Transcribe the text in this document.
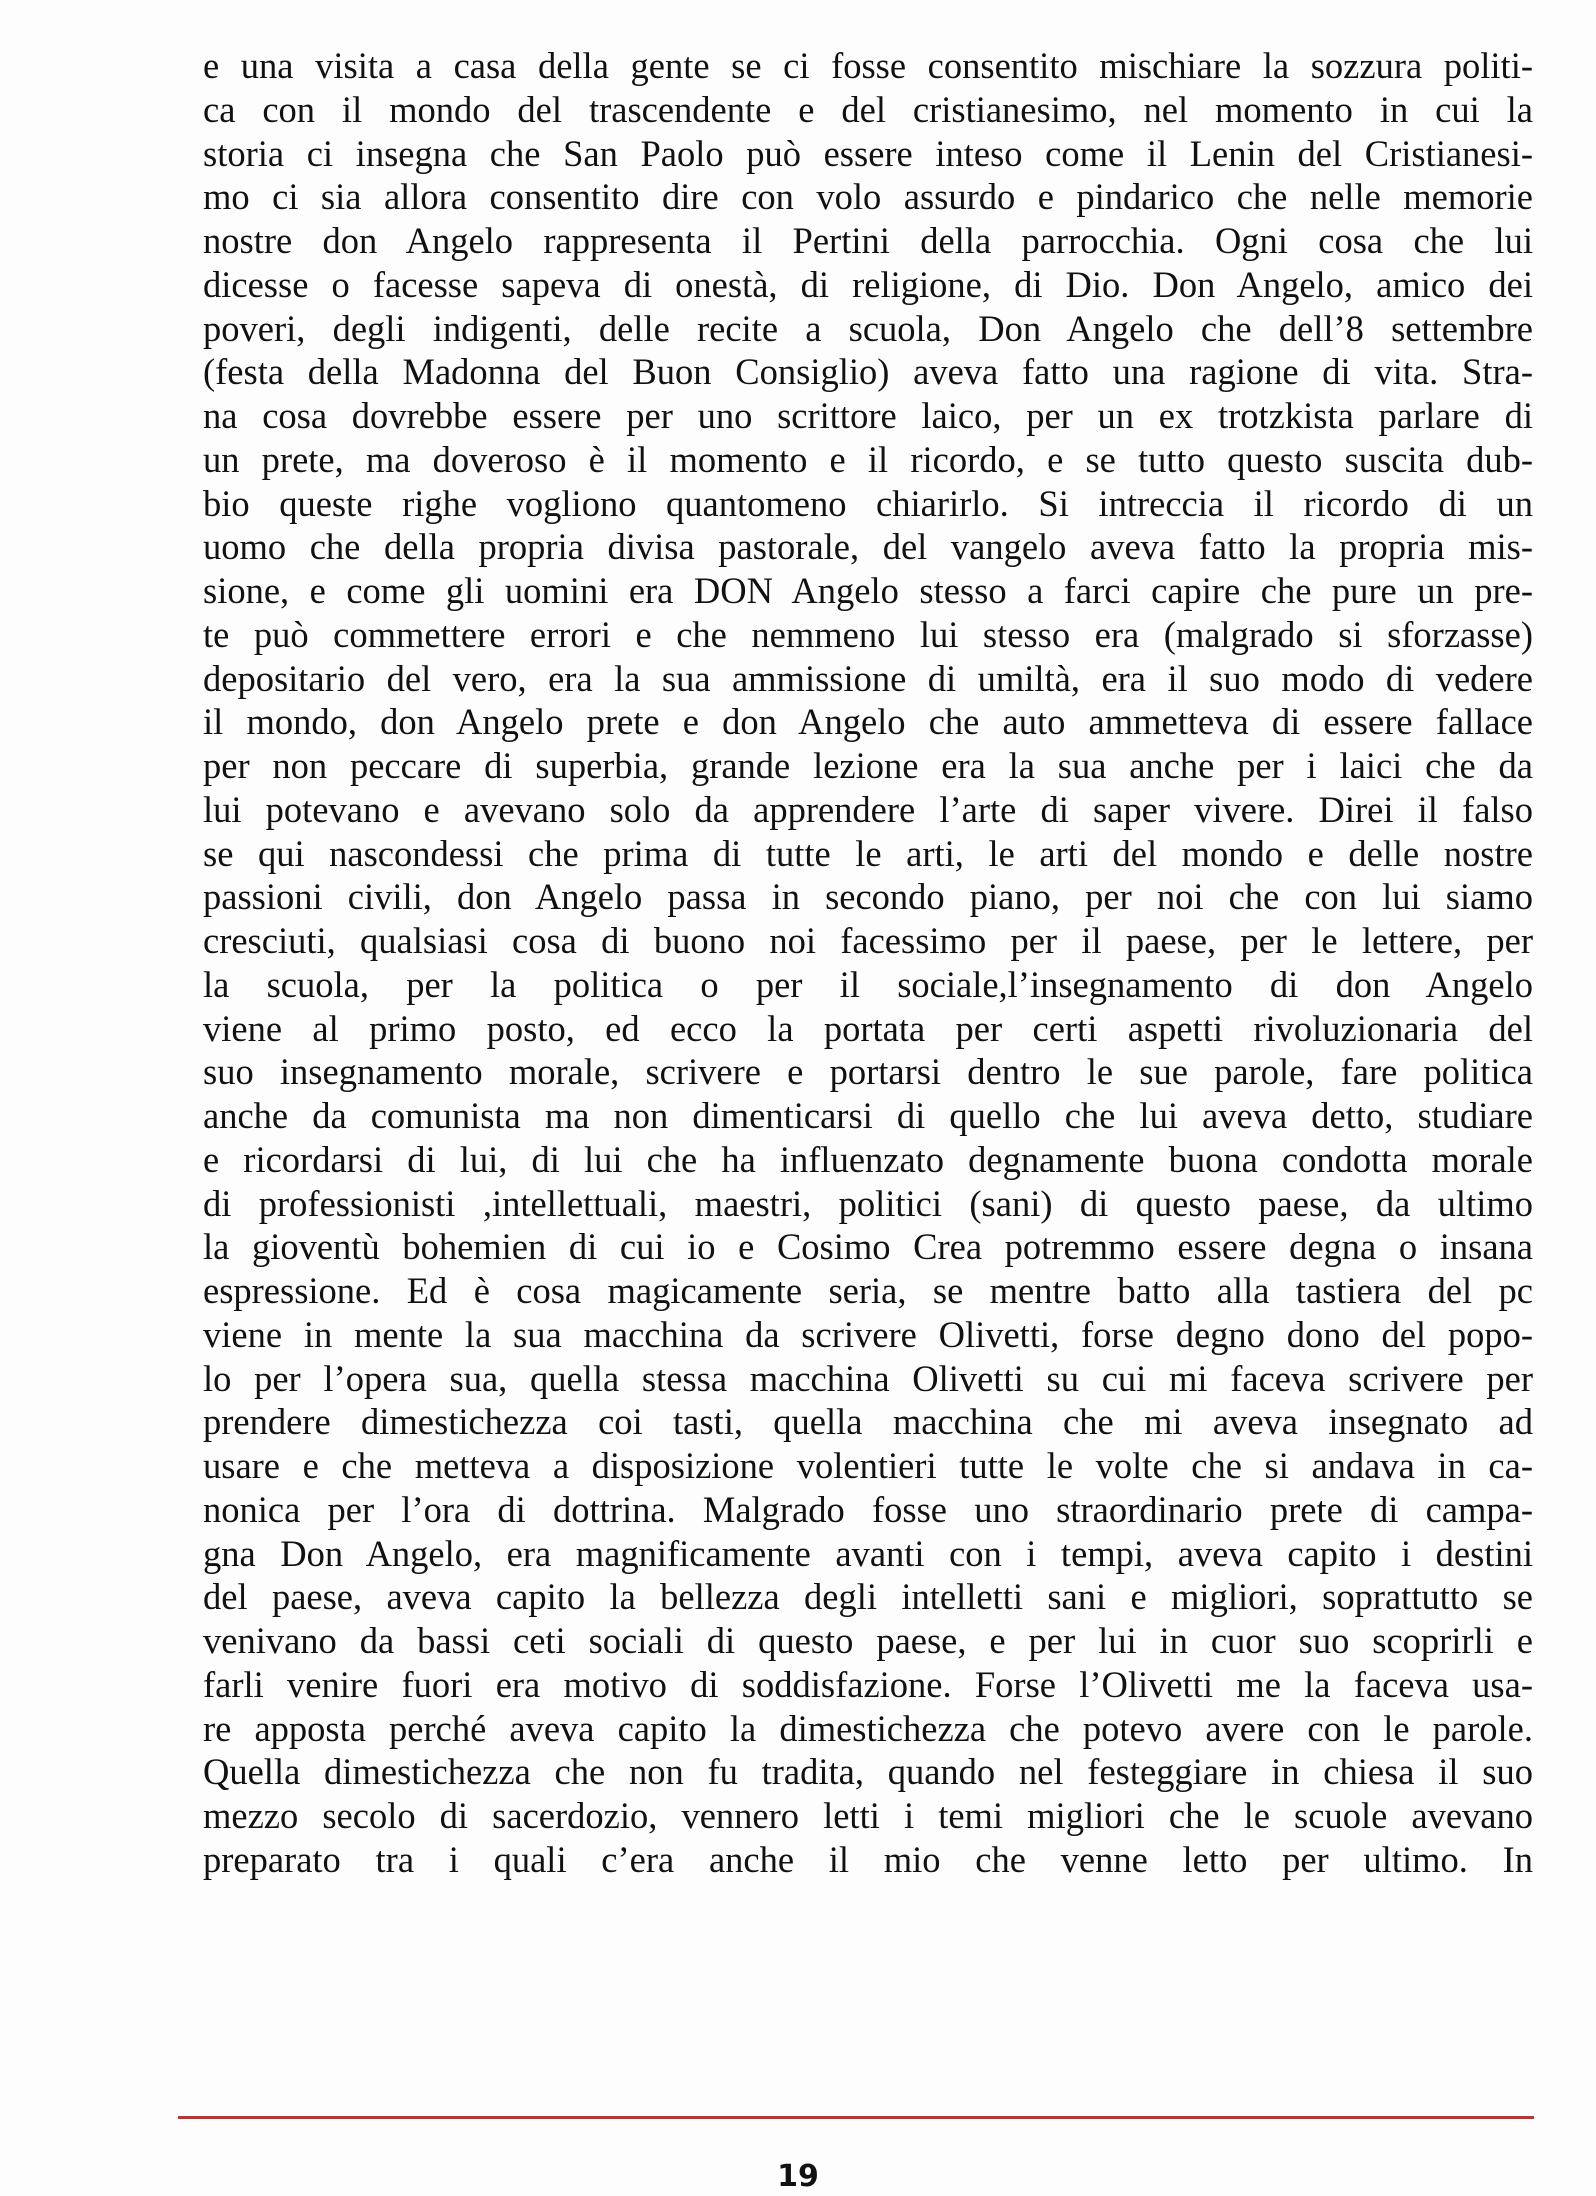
e una visita a casa della gente se ci fosse consentito mischiare la sozzura politi-
ca con il mondo del trascendente e del cristianesimo, nel momento in cui la
storia ci insegna che San Paolo può essere inteso come il Lenin del Cristianesi-
mo ci sia allora consentito dire con volo assurdo e pindarico che nelle memorie
nostre don Angelo rappresenta il Pertini della parrocchia. Ogni cosa che lui
dicesse o facesse sapeva di onestà, di religione, di Dio. Don Angelo, amico dei
poveri, degli indigenti, delle recite a scuola, Don Angelo che dell’8 settembre
(festa della Madonna del Buon Consiglio) aveva fatto una ragione di vita. Stra-
na cosa dovrebbe essere per uno scrittore laico, per un ex trotzkista parlare di
un prete, ma doveroso è il momento e il ricordo, e se tutto questo suscita dub-
bio queste righe vogliono quantomeno chiarirlo. Si intreccia il ricordo di un
uomo che della propria divisa pastorale, del vangelo aveva fatto la propria mis-
sione, e come gli uomini era DON Angelo stesso a farci capire che pure un pre-
te può commettere errori e che nemmeno lui stesso era (malgrado si sforzasse)
depositario del vero, era la sua ammissione di umiltà, era il suo modo di vedere
il mondo, don Angelo prete e don Angelo che auto ammetteva di essere fallace
per non peccare di superbia, grande lezione era la sua anche per i laici che da
lui potevano e avevano solo da apprendere l’arte di saper vivere. Direi il falso
se qui nascondessi che prima di tutte le arti, le arti del mondo e delle nostre
passioni civili, don Angelo passa in secondo piano, per noi che con lui siamo
cresciuti, qualsiasi cosa di buono noi facessimo per il paese, per le lettere, per
la scuola, per la politica o per il sociale,l’insegnamento di don Angelo
viene al primo posto, ed ecco la portata per certi aspetti rivoluzionaria del
suo insegnamento morale, scrivere e portarsi dentro le sue parole, fare politica
anche da comunista ma non dimenticarsi di quello che lui aveva detto, studiare
e ricordarsi di lui, di lui che ha influenzato degnamente buona condotta morale
di professionisti ,intellettuali, maestri, politici (sani) di questo paese, da ultimo
la gioventù bohemien di cui io e Cosimo Crea potremmo essere degna o insana
espressione. Ed è cosa magicamente seria, se mentre batto alla tastiera del pc
viene in mente la sua macchina da scrivere Olivetti, forse degno dono del popo-
lo per l’opera sua, quella stessa macchina Olivetti su cui mi faceva scrivere per
prendere dimestichezza coi tasti, quella macchina che mi aveva insegnato ad
usare e che metteva a disposizione volentieri tutte le volte che si andava in ca-
nonica per l’ora di dottrina. Malgrado fosse uno straordinario prete di campa-
gna Don Angelo, era magnificamente avanti con i tempi, aveva capito i destini
del paese, aveva capito la bellezza degli intelletti sani e migliori, soprattutto se
venivano da bassi ceti sociali di questo paese, e per lui in cuor suo scoprirli e
farli venire fuori era motivo di soddisfazione. Forse l’Olivetti me la faceva usa-
re apposta perché aveva capito la dimestichezza che potevo avere con le parole.
Quella dimestichezza che non fu tradita, quando nel festeggiare in chiesa il suo
mezzo secolo di sacerdozio, vennero letti i temi migliori che le scuole avevano
preparato tra i quali c’era anche il mio che venne letto per ultimo. In
19
